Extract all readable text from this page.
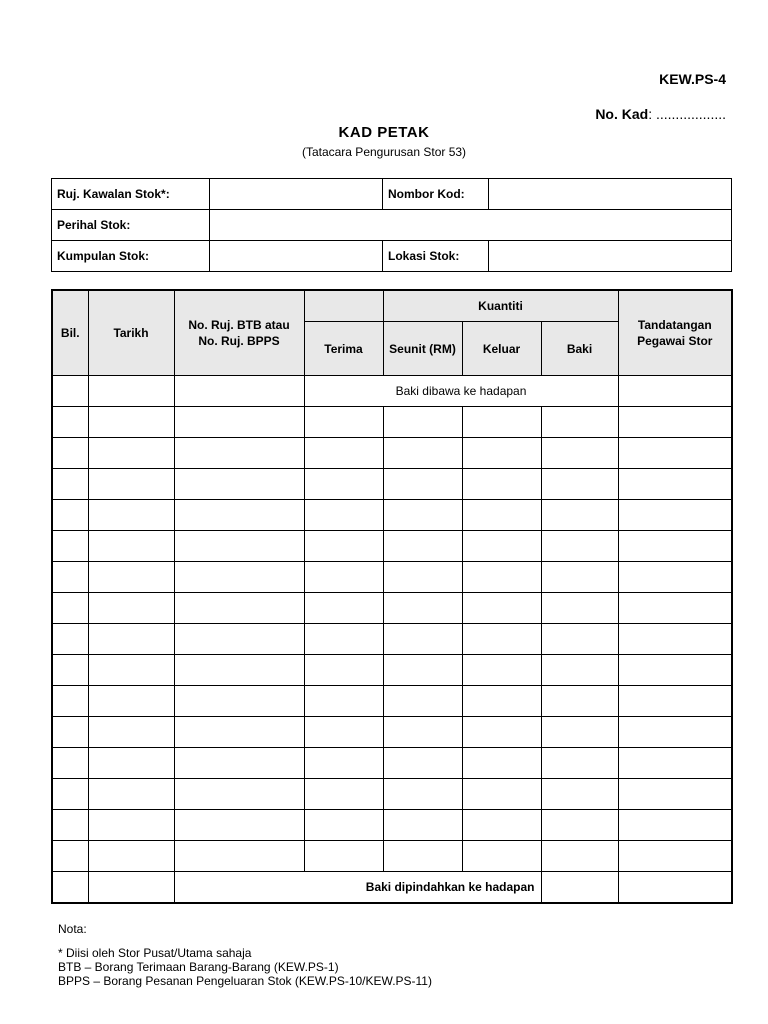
KEW.PS-4
No. Kad: ..................
KAD PETAK
(Tatacara Pengurusan Stor 53)
Ruj. Kawalan Stok*:		Nombor Kod:	
Perihal Stok:			
Kumpulan Stok:		Lokasi Stok:	
Bil.	Tarikh	No. Ruj. BTB atau No. Ruj. BPPS		Kuantiti			Tandatangan Pegawai Stor
			Terima	Seunit (RM)	Keluar	Baki	
			Baki dibawa ke hadapan				

		Baki dipindahkan ke hadapan					
Nota:
* Diisi oleh Stor Pusat/Utama sahaja
BTB – Borang Terimaan Barang-Barang (KEW.PS-1)
BPPS – Borang Pesanan Pengeluaran Stok (KEW.PS-10/KEW.PS-11)
